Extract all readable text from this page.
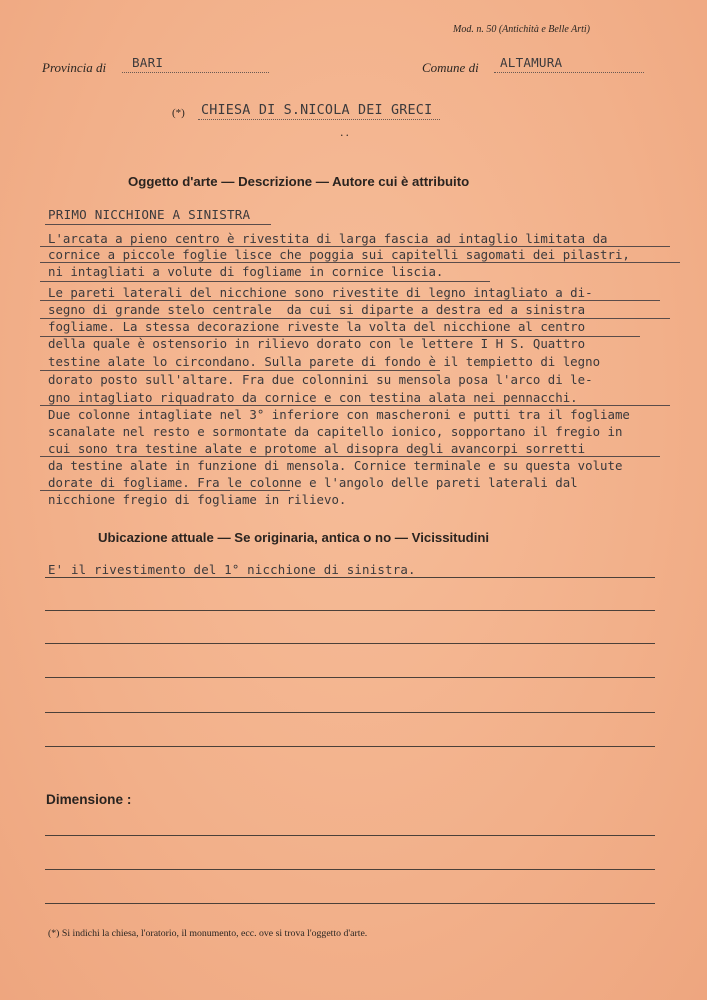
Mod. n. 50 (Antichità e Belle Arti)
Provincia di BARI	Comune di ALTAMURA
(*) CHIESA DI S.NICOLA DEI GRECI
..
Oggetto d'arte — Descrizione — Autore cui è attribuito
PRIMO NICCHIONE A SINISTRA
L'arcata a pieno centro è rivestita di larga fascia ad intaglio limitata da
cornice a piccole foglie lisce che poggia sui capitelli sagomati dei pilastri,
ni intagliati a volute di fogliame in cornice liscia.
Le pareti laterali del nicchione sono rivestite di legno intagliato a di-
segno di grande stelo centrale  da cui si diparte a destra ed a sinistra
fogliame. La stessa decorazione riveste la volta del nicchione al centro
della quale è ostensorio in rilievo dorato con le lettere I H S. Quattro
testine alate lo circondano. Sulla parete di fondo è il tempietto di legno
dorato posto sull'altare. Fra due colonnini su mensola posa l'arco di le-
gno intagliato riquadrato da cornice e con testina alata nei pennacchi.
Due colonne intagliate nel 3° inferiore con mascheroni e putti tra il fogliame
scanalate nel resto e sormontate da capitello ionico, sopportano il fregio in
cui sono tra testine alate e protome al disopra degli avancorpi sorretti
da testine alate in funzione di mensola. Cornice terminale e su questa volute
dorate di fogliame. Fra le colonne e l'angolo delle pareti laterali dal
nicchione fregio di fogliame in rilievo.
Ubicazione attuale — Se originaria, antica o no — Vicissitudini
E' il rivestimento del 1° nicchione di sinistra.
Dimensione :
(*) Si indichi la chiesa, l'oratorio, il monumento, ecc. ove si trova l'oggetto d'arte.
